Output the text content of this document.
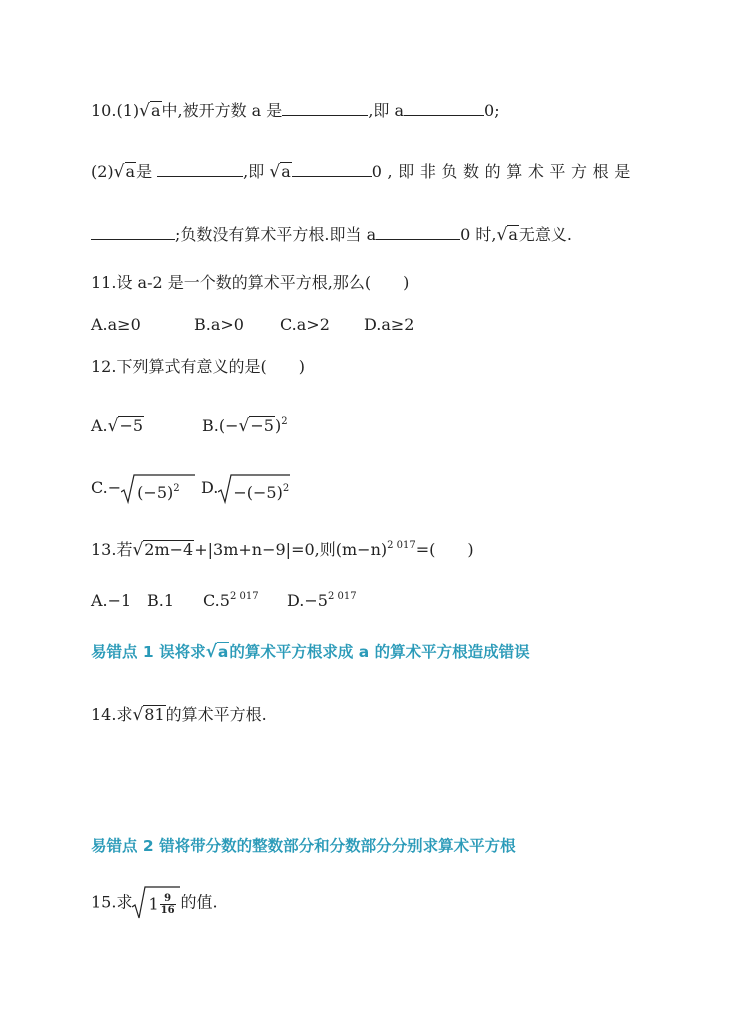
10.(1)√a中,被开方数 a 是	,即 a	0;
(2)√a是	,即 √a	0,即非负数的算术平方根是
;负数没有算术平方根.即当 a	0 时,√a无意义.
11.设 a-2 是一个数的算术平方根,那么(　　)
A.a≥0	B.a>0 C.a>2 D.a≥2
12.下列算式有意义的是(　　)
A.√−5	$B.(-√-5)^2$
$C.- (-5)^2$ D. $-(-5)^2$
13.若√2m−4+|3m+n−9|=0,则$(m-n)^{2 017}=$(　　)
A.−1 B.1 $C.5^{2 017}$ $D.-5^{2 017}$
易错点 1 误将求√a的算术平方根求成 a 的算术平方根造成错误
14.求√81的算术平方根.
易错点 2 错将带分数的整数部分和分数部分分别求算术平方根
15.求 $1 \frac{9}{16}$ 的值.
